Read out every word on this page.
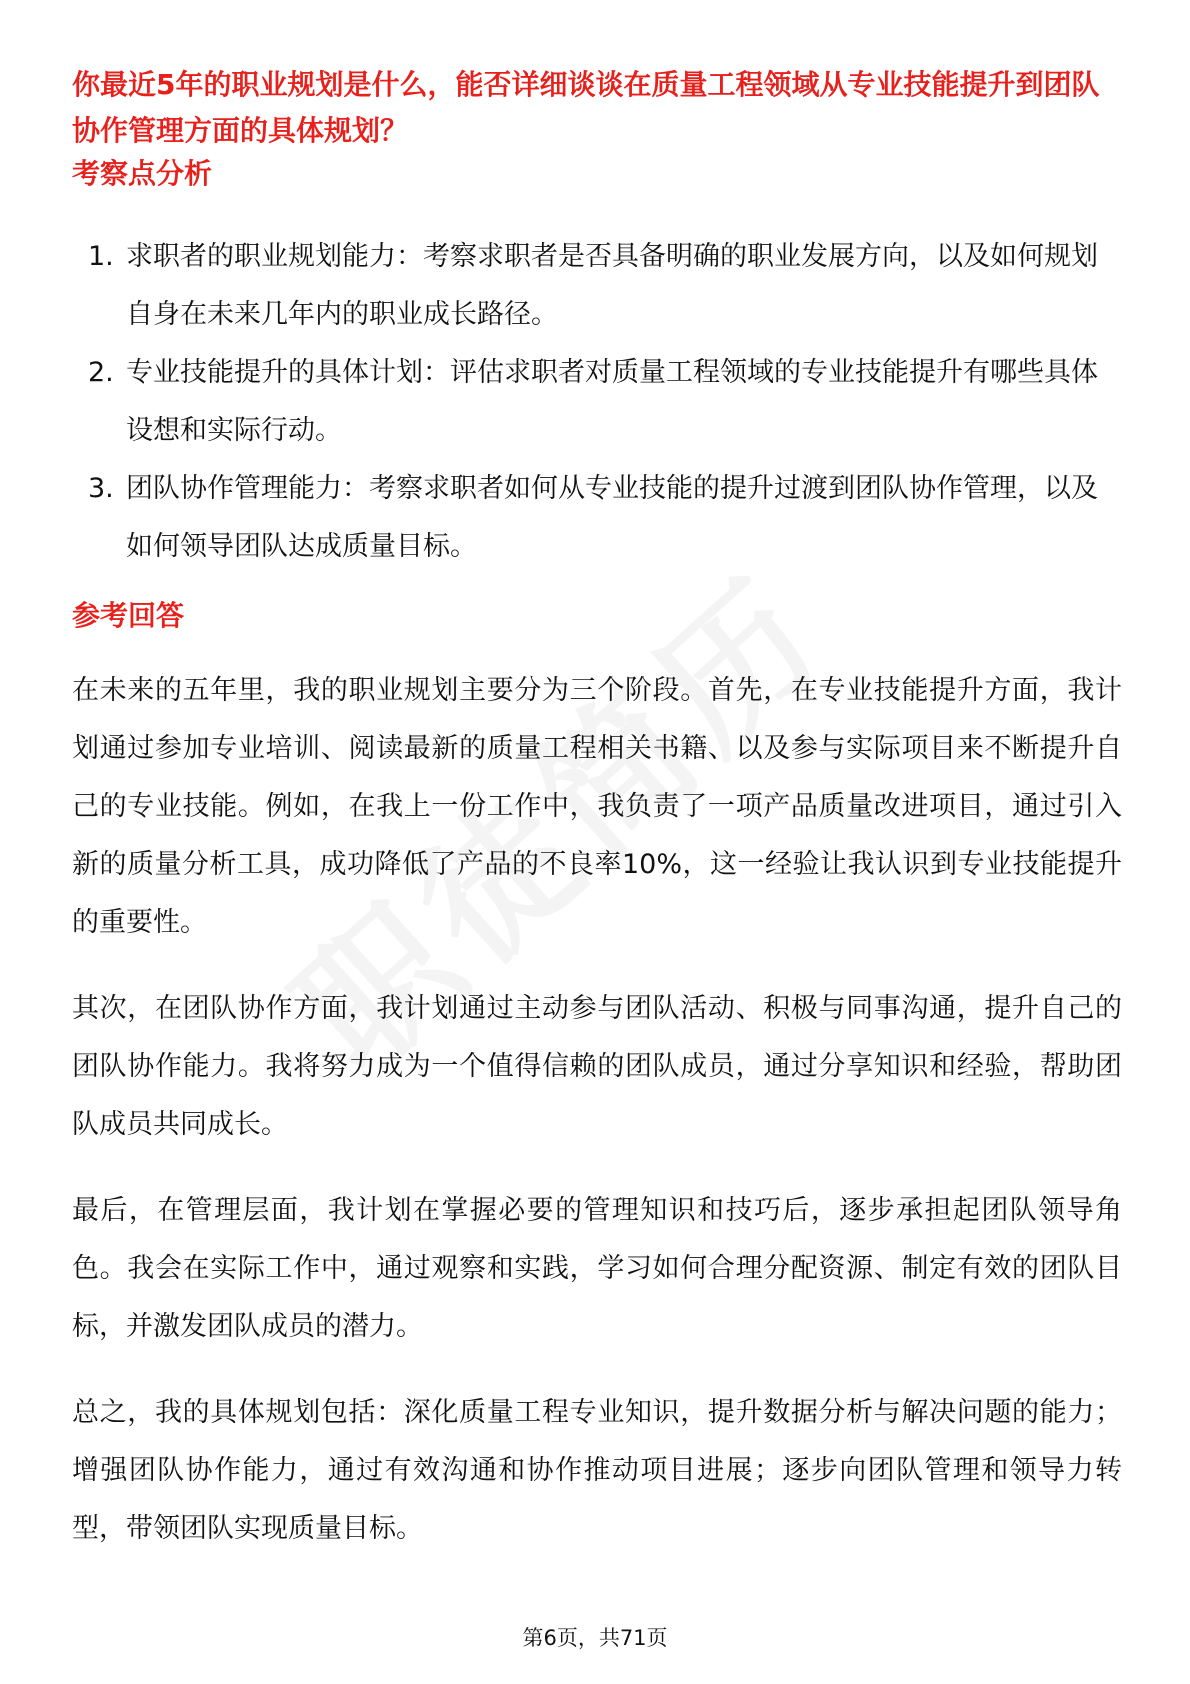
你最近5年的职业规划是什么，能否详细谈谈在质量工程领域从专业技能提升到团队协作管理方面的具体规划？
考察点分析
1. 求职者的职业规划能力：考察求职者是否具备明确的职业发展方向，以及如何规划自身在未来几年内的职业成长路径。
2. 专业技能提升的具体计划：评估求职者对质量工程领域的专业技能提升有哪些具体设想和实际行动。
3. 团队协作管理能力：考察求职者如何从专业技能的提升过渡到团队协作管理，以及如何领导团队达成质量目标。
参考回答

在未来的五年里，我的职业规划主要分为三个阶段。首先，在专业技能提升方面，我计划通过参加专业培训、阅读最新的质量工程相关书籍、以及参与实际项目来不断提升自己的专业技能。例如，在我上一份工作中，我负责了一项产品质量改进项目，通过引入新的质量分析工具，成功降低了产品的不良率10%，这一经验让我认识到专业技能提升的重要性。

其次，在团队协作方面，我计划通过主动参与团队活动、积极与同事沟通，提升自己的团队协作能力。我将努力成为一个值得信赖的团队成员，通过分享知识和经验，帮助团队成员共同成长。

最后，在管理层面，我计划在掌握必要的管理知识和技巧后，逐步承担起团队领导角色。我会在实际工作中，通过观察和实践，学习如何合理分配资源、制定有效的团队目标，并激发团队成员的潜力。

总之，我的具体规划包括：深化质量工程专业知识，提升数据分析与解决问题的能力；增强团队协作能力，通过有效沟通和协作推动项目进展；逐步向团队管理和领导力转型，带领团队实现质量目标。

第6页，共71页
